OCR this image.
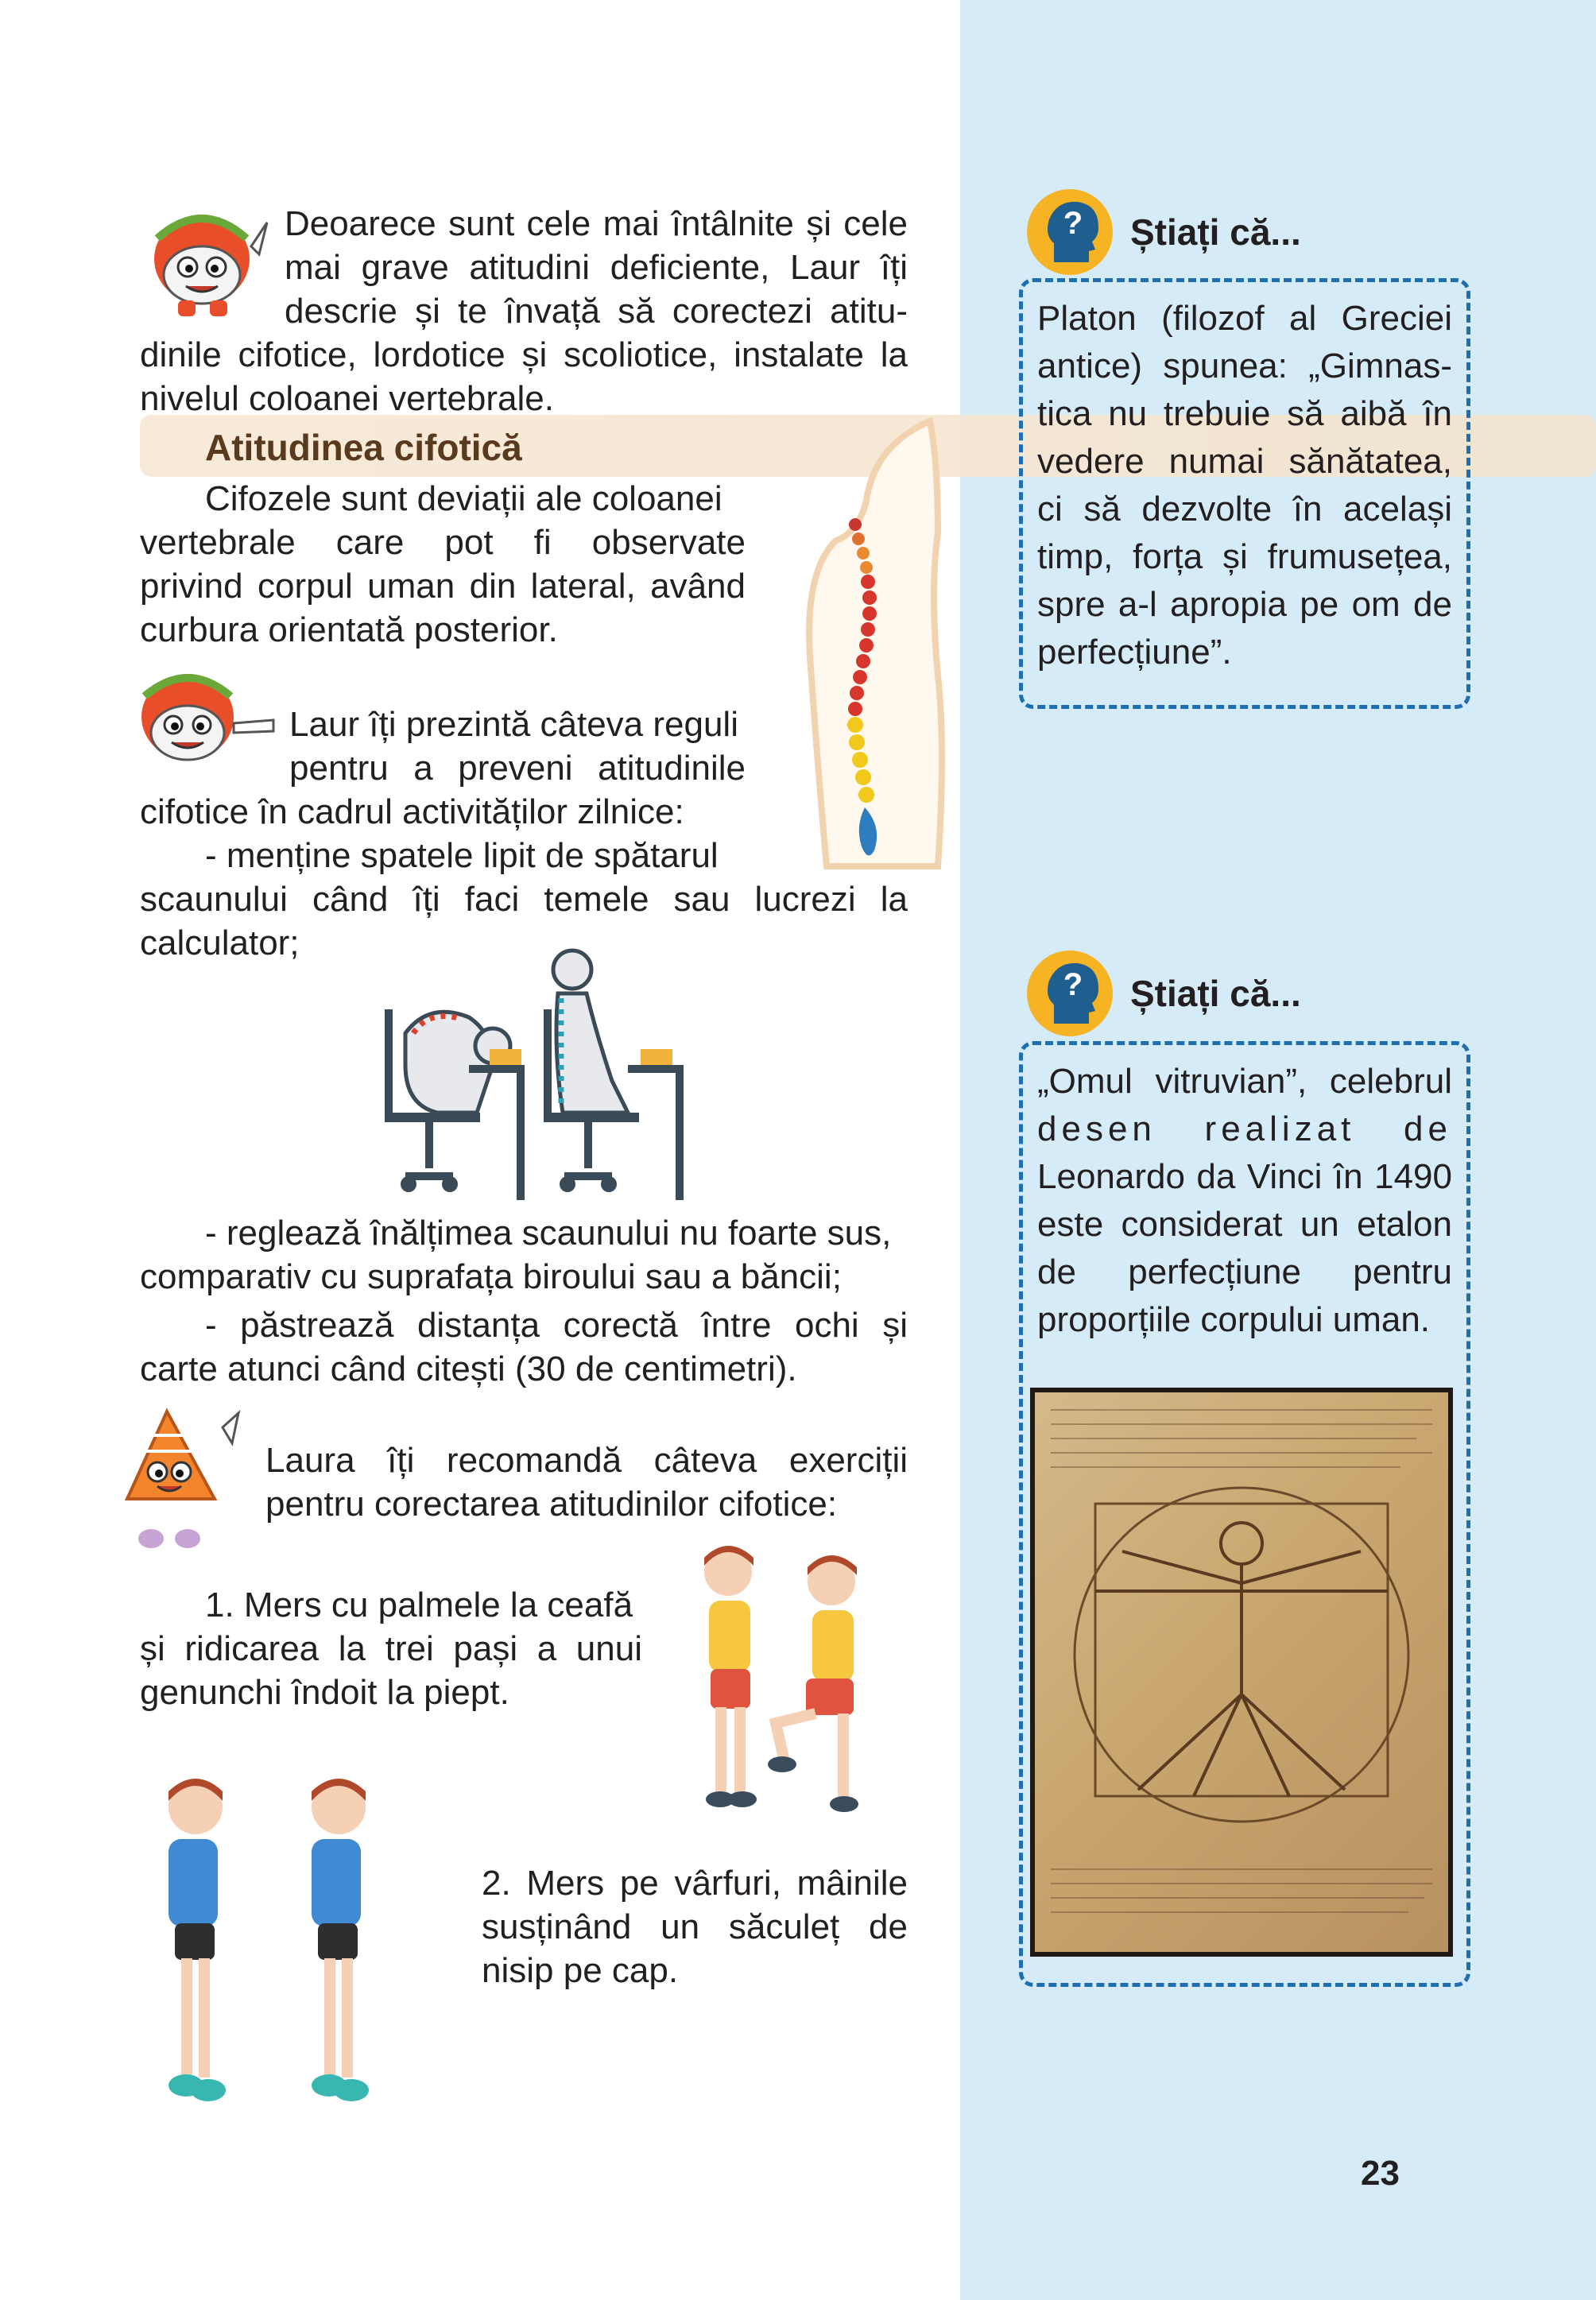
Deoarece sunt cele mai întâlnite și cele

mai grave atitudini deficiente, Laur îți

descrie și te învață să corectezi atitu-

dinile cifotice, lordotice și scoliotice, instalate la

nivelul coloanei vertebrale.

Atitudinea cifotică

Cifozele sunt deviații ale coloanei

vertebrale care pot fi observate

privind corpul uman din lateral, având

curbura orientată posterior.

Laur îți prezintă câteva reguli

pentru a preveni atitudinile

cifotice în cadrul activităților zilnice:

- menține spatele lipit de spătarul

scaunului când îți faci temele sau lucrezi la

calculator;

- reglează înălțimea scaunului nu foarte sus,

comparativ cu suprafața biroului sau a băncii;

- păstrează distanța corectă între ochi și

carte atunci când citești (30 de centimetri).

Laura îți recomandă câteva exerciții

pentru corectarea atitudinilor cifotice:

1. Mers cu palmele la ceafă

și ridicarea la trei pași a unui

genunchi îndoit la piept.

2. Mers pe vârfuri, mâinile

susținând un săculeț de

nisip pe cap.

? Știați că...

Platon (filozof al Greciei

antice) spunea: „Gimnas-

tica nu trebuie să aibă în

vedere numai sănătatea,

ci să dezvolte în același

timp, forța și frumusețea,

spre a-l apropia pe om de

perfecțiune”.

? Știați că...

„Omul vitruvian”, celebrul

desen realizat de

Leonardo da Vinci în 1490

este considerat un etalon

de perfecțiune pentru

proporțiile corpului uman.

23
